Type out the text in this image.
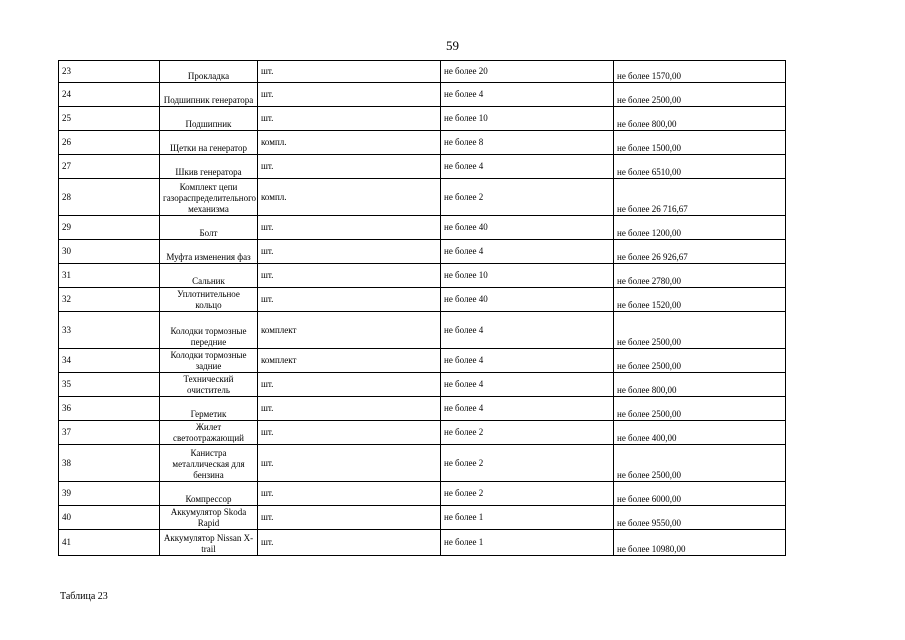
59
23	Прокладка	шт.	не более 20	не более 1570,00
24	Подшипник генератора	шт.	не более 4	не более 2500,00
25	Подшипник	шт.	не более 10	не более 800,00
26	Щетки на генератор	компл.	не более 8	не более 1500,00
27	Шкив генератора	шт.	не более 4	не более 6510,00
28	Комплект цепи газораспределительного механизма	компл.	не более 2	не более 26 716,67
29	Болт	шт.	не более 40	не более 1200,00
30	Муфта изменения фаз	шт.	не более 4	не более 26 926,67
31	Сальник	шт.	не более 10	не более 2780,00
32	Уплотнительное кольцо	шт.	не более 40	не более 1520,00
33	Колодки тормозные передние	комплект	не более 4	не более 2500,00
34	Колодки тормозные задние	комплект	не более 4	не более 2500,00
35	Технический очиститель	шт.	не более 4	не более 800,00
36	Герметик	шт.	не более 4	не более 2500,00
37	Жилет светоотражающий	шт.	не более 2	не более 400,00
38	Канистра металлическая для бензина	шт.	не более 2	не более 2500,00
39	Компрессор	шт.	не более 2	не более 6000,00
40	Аккумулятор Skoda Rapid	шт.	не более 1	не более 9550,00
41	Аккумулятор Nissan X-trail	шт.	не более 1	не более 10980,00
Таблица 23
